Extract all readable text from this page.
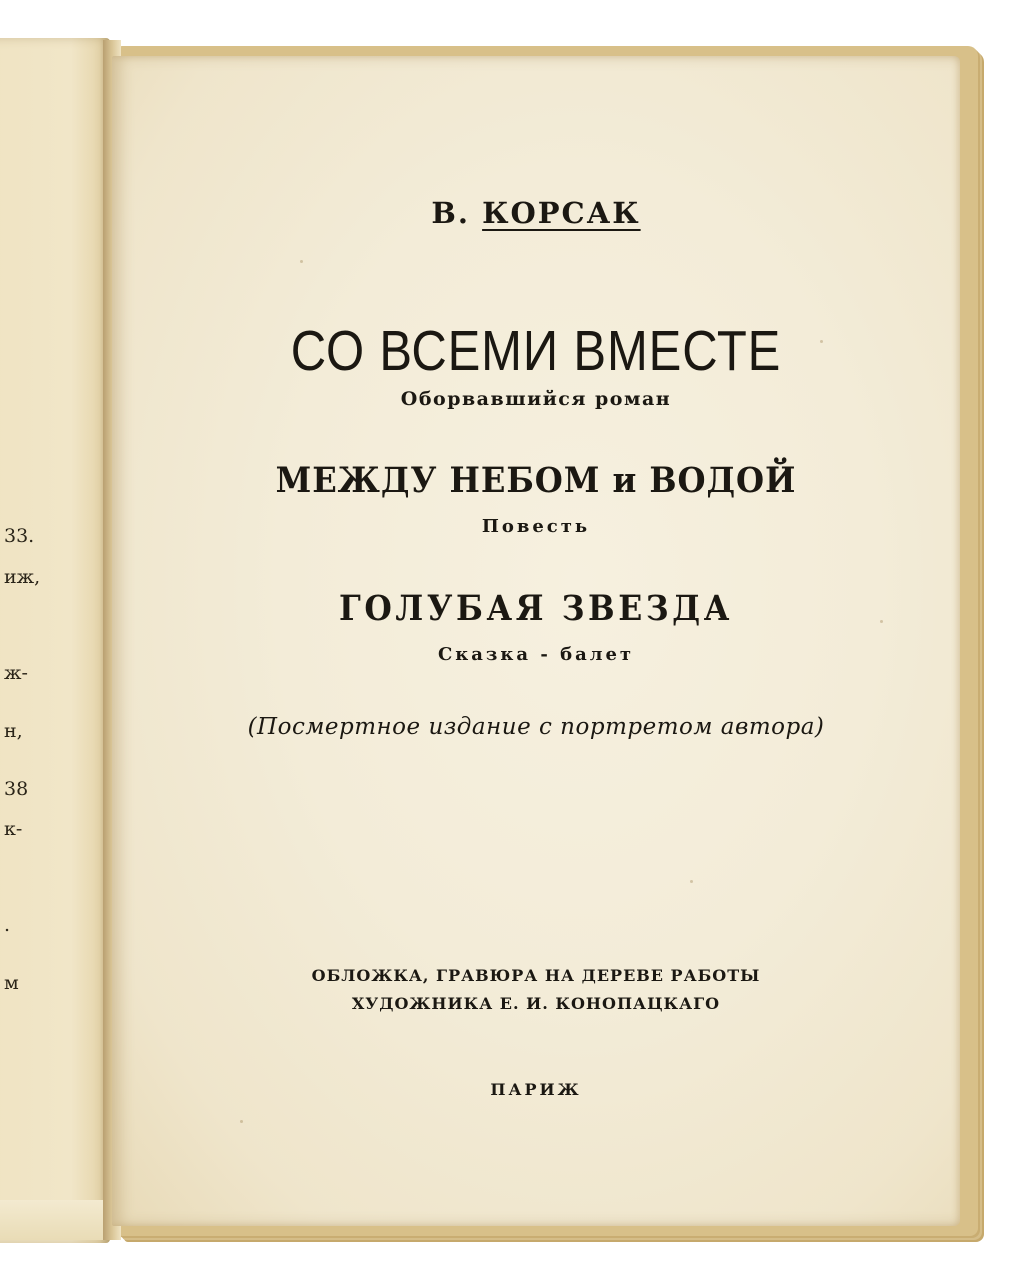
33.
иж,
ж-
н,
38
к-
.
м
В. КОРСАК
СО ВСЕМИ ВМЕСТЕ
Оборвавшийся роман
МЕЖДУ НЕБОМ и ВОДОЙ
Повесть
ГОЛУБАЯ ЗВЕЗДА
Сказка - балет
(Посмертное издание с портретом автора)
ОБЛОЖКА, ГРАВЮРА НА ДЕРЕВЕ РАБОТЫ
ХУДОЖНИКА Е. И. КОНОПАЦКАГО
ПАРИЖ
